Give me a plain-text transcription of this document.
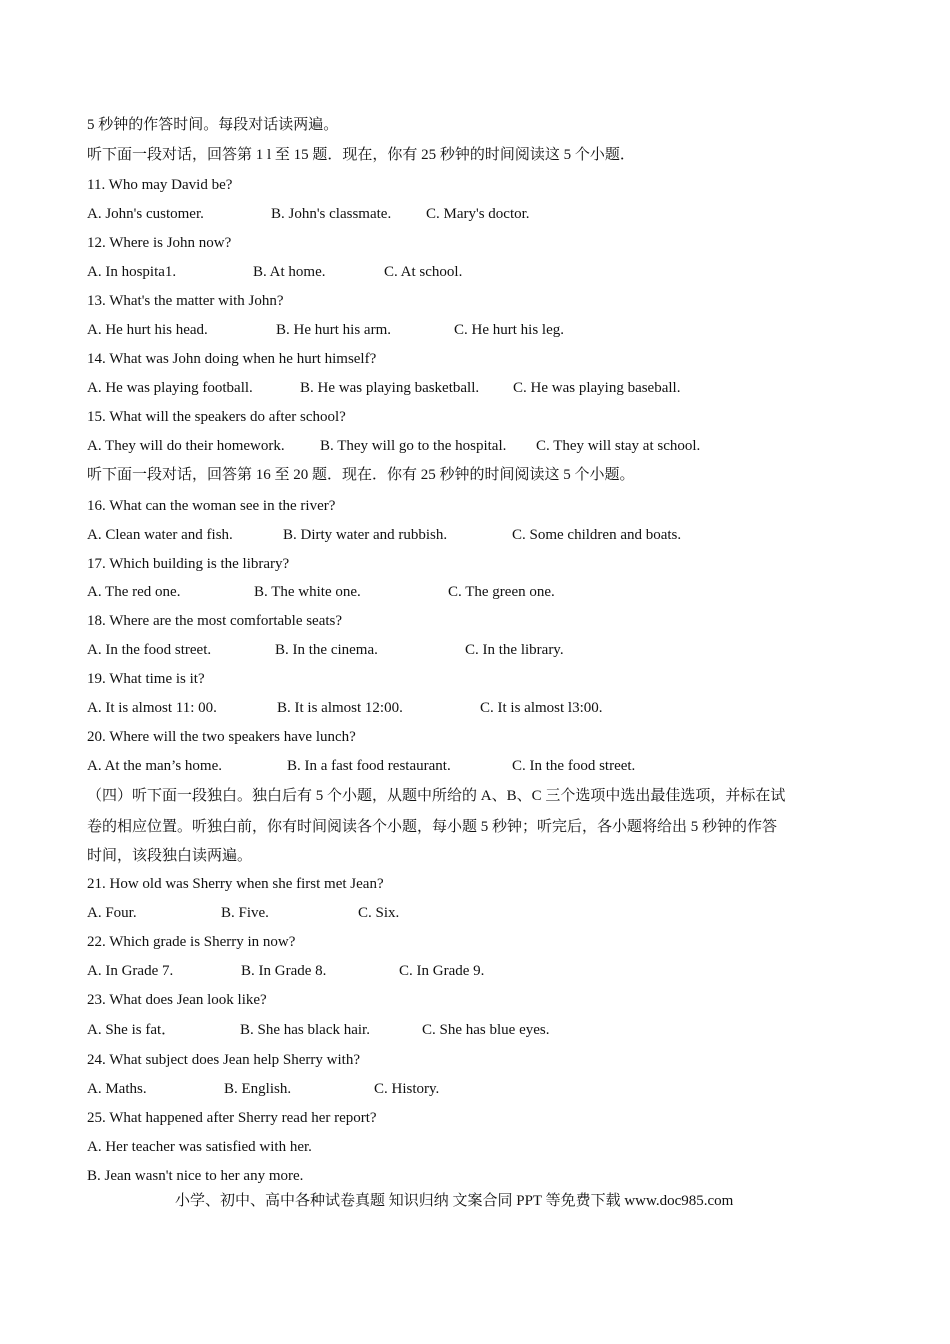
5 秒钟的作答时间。每段对话读两遍。
听下面一段对话，回答第 1 l 至 15 题．现在，你有 25 秒钟的时间阅读这 5 个小题．
11. Who may David be?
A. John's customer.	B. John's classmate. C. Mary's doctor.
12. Where is John now?
A. In hospita1.	B. At home.	C. At school.
13. What's the matter with John?
A. He hurt his head.	B. He hurt his arm.	C. He hurt his leg.
14. What was John doing when he hurt himself?
A. He was playing football.	B. He was playing basketball. C. He was playing baseball.
15. What will the speakers do after school?
A. They will do their homework. B. They will go to the hospital. C. They will stay at school.
听下面一段对话，回答第 16 至 20 题．现在．你有 25 秒钟的时间阅读这 5 个小题。
16. What can the woman see in the river?
A. Clean water and fish.	B. Dirty water and rubbish.	C. Some children and boats.
17. Which building is the library?
A. The red one.	B. The white one.	C. The green one.
18. Where are the most comfortable seats?
A. In the food street.	B. In the cinema.	C. In the library.
19. What time is it?
A. It is almost 11: 00.	B. It is almost 12:00.	C. It is almost l3:00.
20. Where will the two speakers have lunch?
A. At the man’s home.	B. In a fast food restaurant.	C. In the food street.
（四）听下面一段独白。独白后有 5 个小题，从题中所给的 A、B、C 三个选项中选出最佳选项，并标在试
卷的相应位置。听独白前，你有时间阅读各个小题，每小题 5 秒钟；听完后，各小题将给出 5 秒钟的作答
时间，该段独白读两遍。
21. How old was Sherry when she first met Jean?
A. Four.	B. Five.	C. Six.
22. Which grade is Sherry in now?
A. In Grade 7.	B. In Grade 8.	C. In Grade 9.
23. What does Jean look like?
A. She is fat．	B. She has black hair.	C. She has blue eyes.
24. What subject does Jean help Sherry with?
A. Maths.	B. English.	C. History.
25. What happened after Sherry read her report?
A. Her teacher was satisfied with her.
B. Jean wasn't nice to her any more.
小学、初中、高中各种试卷真题 知识归纳 文案合同 PPT 等免费下载 www.doc985.com
